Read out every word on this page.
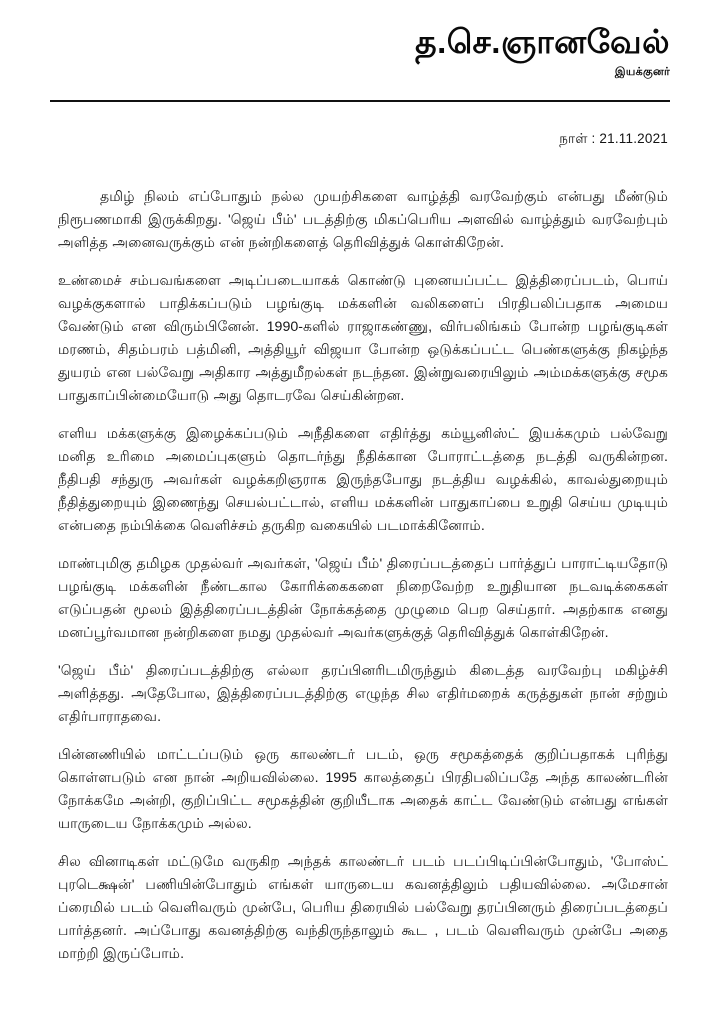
த.செ.ஞானவேல்
இயக்குனர்
நாள் : 21.11.2021

தமிழ் நிலம் எப்போதும் நல்ல முயற்சிகளை வாழ்த்தி வரவேற்கும் என்பது மீண்டும் நிரூபணமாகி இருக்கிறது. 'ஜெய் பீம்' படத்திற்கு மிகப்பெரிய அளவில் வாழ்த்தும் வரவேற்பும் அளித்த அனைவருக்கும் என் நன்றிகளைத் தெரிவித்துக் கொள்கிறேன்.

உண்மைச் சம்பவங்களை அடிப்படையாகக் கொண்டு புனையப்பட்ட இத்திரைப்படம், பொய் வழக்குகளால் பாதிக்கப்படும் பழங்குடி மக்களின் வலிகளைப் பிரதிபலிப்பதாக அமைய வேண்டும் என விரும்பினேன். 1990-களில் ராஜாகண்ணு, விர்பலிங்கம் போன்ற பழங்குடிகள் மரணம், சிதம்பரம் பத்மினி, அத்தியூர் விஜயா போன்ற ஒடுக்கப்பட்ட பெண்களுக்கு நிகழ்ந்த துயரம் என பல்வேறு அதிகார அத்துமீறல்கள் நடந்தன. இன்றுவரையிலும் அம்மக்களுக்கு சமூக பாதுகாப்பின்மையோடு அது தொடரவே செய்கின்றன.

எளிய மக்களுக்கு இழைக்கப்படும் அநீதிகளை எதிர்த்து கம்யூனிஸ்ட் இயக்கமும் பல்வேறு மனித உரிமை அமைப்புகளும் தொடர்ந்து நீதிக்கான போராட்டத்தை நடத்தி வருகின்றன. நீதிபதி சந்துரு அவர்கள் வழக்கறிஞராக இருந்தபோது நடத்திய வழக்கில், காவல்துறையும் நீதித்துறையும் இணைந்து செயல்பட்டால், எளிய மக்களின் பாதுகாப்பை உறுதி செய்ய முடியும் என்பதை நம்பிக்கை வெளிச்சம் தருகிற வகையில் படமாக்கினோம்.

மாண்புமிகு தமிழக முதல்வர் அவர்கள், 'ஜெய் பீம்' திரைப்படத்தைப் பார்த்துப் பாராட்டியதோடு பழங்குடி மக்களின் நீண்டகால கோரிக்கைகளை நிறைவேற்ற உறுதியான நடவடிக்கைகள் எடுப்பதன் மூலம் இத்திரைப்படத்தின் நோக்கத்தை முழுமை பெற செய்தார். அதற்காக எனது மனப்பூர்வமான நன்றிகளை நமது முதல்வர் அவர்களுக்குத் தெரிவித்துக் கொள்கிறேன்.

'ஜெய் பீம்' திரைப்படத்திற்கு எல்லா தரப்பினரிடமிருந்தும் கிடைத்த வரவேற்பு மகிழ்ச்சி அளித்தது. அதேபோல, இத்திரைப்படத்திற்கு எழுந்த சில எதிர்மறைக் கருத்துகள் நான் சற்றும் எதிர்பாராதவை.

பின்னணியில் மாட்டப்படும் ஒரு காலண்டர் படம், ஒரு சமூகத்தைக் குறிப்பதாகக் புரிந்து கொள்ளபடும் என நான் அறியவில்லை. 1995 காலத்தைப் பிரதிபலிப்பதே அந்த காலண்டரின் நோக்கமே அன்றி, குறிப்பிட்ட சமூகத்தின் குறியீடாக அதைக் காட்ட வேண்டும் என்பது எங்கள் யாருடைய நோக்கமும் அல்ல.

சில வினாடிகள் மட்டுமே வருகிற அந்தக் காலண்டர் படம் படப்பிடிப்பின்போதும், 'போஸ்ட் புரடெக்ஷன்' பணியின்போதும் எங்கள் யாருடைய கவனத்திலும் பதியவில்லை. அமேசான் ப்ரைமில் படம் வெளிவரும் முன்பே, பெரிய திரையில் பல்வேறு தரப்பினரும் திரைப்படத்தைப் பார்த்தனர். அப்போது கவனத்திற்கு வந்திருந்தாலும் கூட , படம் வெளிவரும் முன்பே அதை மாற்றி இருப்போம்.
